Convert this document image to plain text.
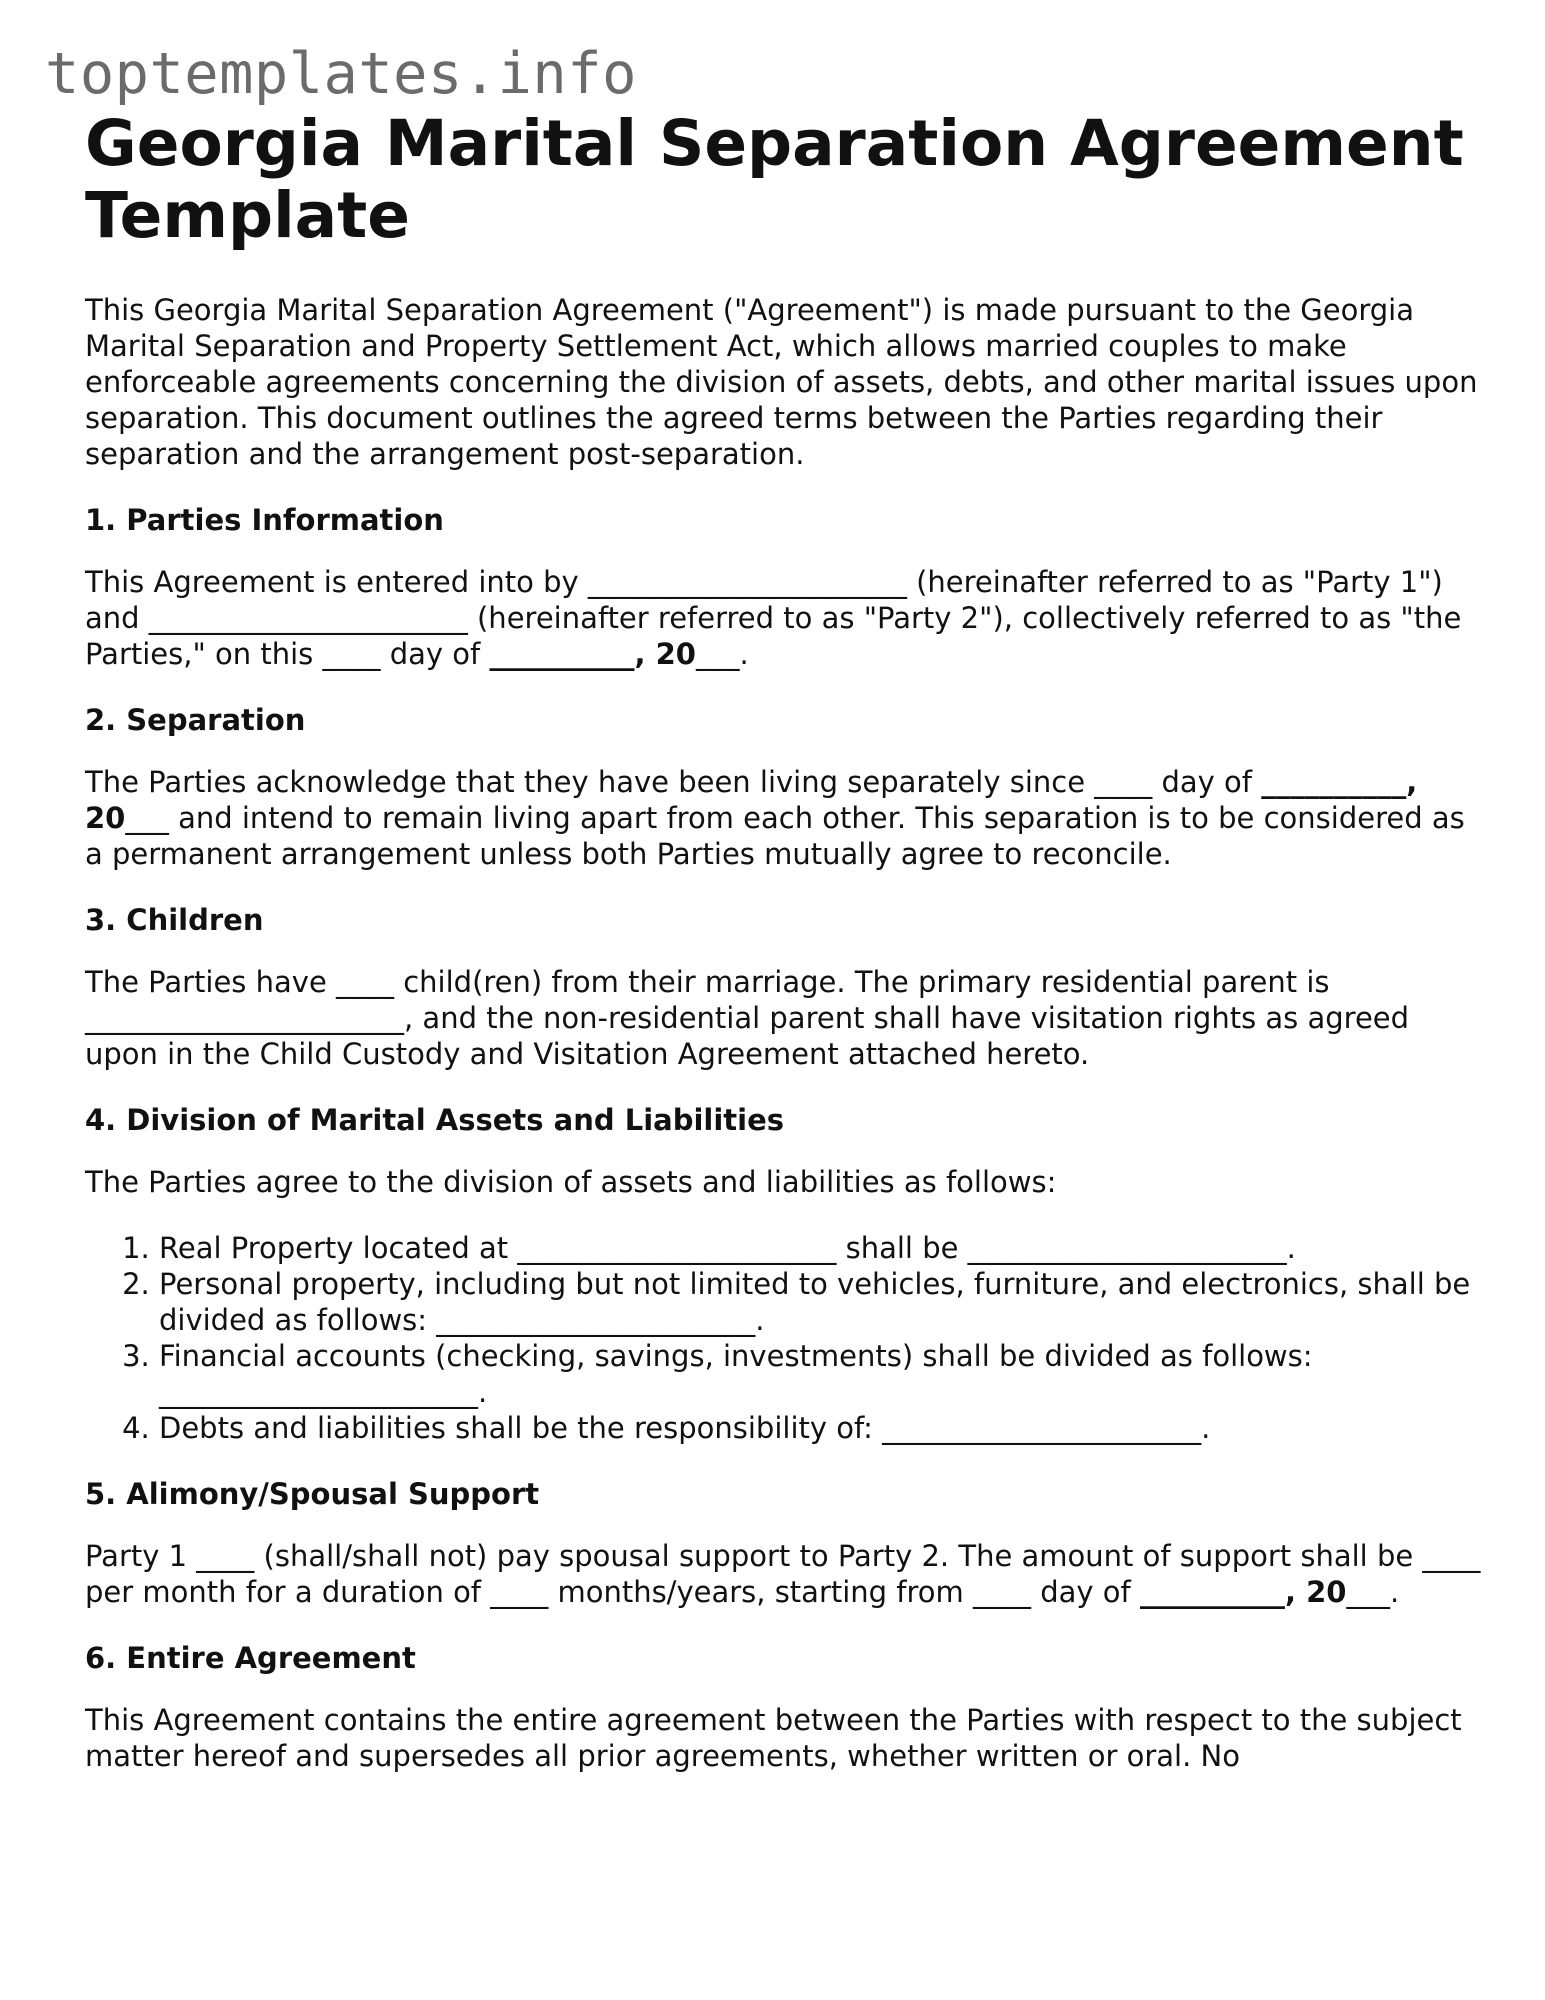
toptemplates.info
Georgia Marital Separation Agreement Template

This Georgia Marital Separation Agreement ("Agreement") is made pursuant to the Georgia Marital Separation and Property Settlement Act, which allows married couples to make enforceable agreements concerning the division of assets, debts, and other marital issues upon separation. This document outlines the agreed terms between the Parties regarding their separation and the arrangement post-separation.

1. Parties Information

This Agreement is entered into by ______________________ (hereinafter referred to as "Party 1") and ______________________ (hereinafter referred to as "Party 2"), collectively referred to as "the Parties," on this ____ day of __________, 20___.

2. Separation

The Parties acknowledge that they have been living separately since ____ day of __________, 20___ and intend to remain living apart from each other. This separation is to be considered as a permanent arrangement unless both Parties mutually agree to reconcile.

3. Children

The Parties have ____ child(ren) from their marriage. The primary residential parent is ______________________, and the non-residential parent shall have visitation rights as agreed upon in the Child Custody and Visitation Agreement attached hereto.

4. Division of Marital Assets and Liabilities

The Parties agree to the division of assets and liabilities as follows:

1. Real Property located at ______________________ shall be ______________________.
2. Personal property, including but not limited to vehicles, furniture, and electronics, shall be divided as follows: ______________________.
3. Financial accounts (checking, savings, investments) shall be divided as follows: ______________________.
4. Debts and liabilities shall be the responsibility of: ______________________.
5. Alimony/Spousal Support

Party 1 ____ (shall/shall not) pay spousal support to Party 2. The amount of support shall be ____ per month for a duration of ____ months/years, starting from ____ day of __________, 20___.

6. Entire Agreement

This Agreement contains the entire agreement between the Parties with respect to the subject matter hereof and supersedes all prior agreements, whether written or oral. No
